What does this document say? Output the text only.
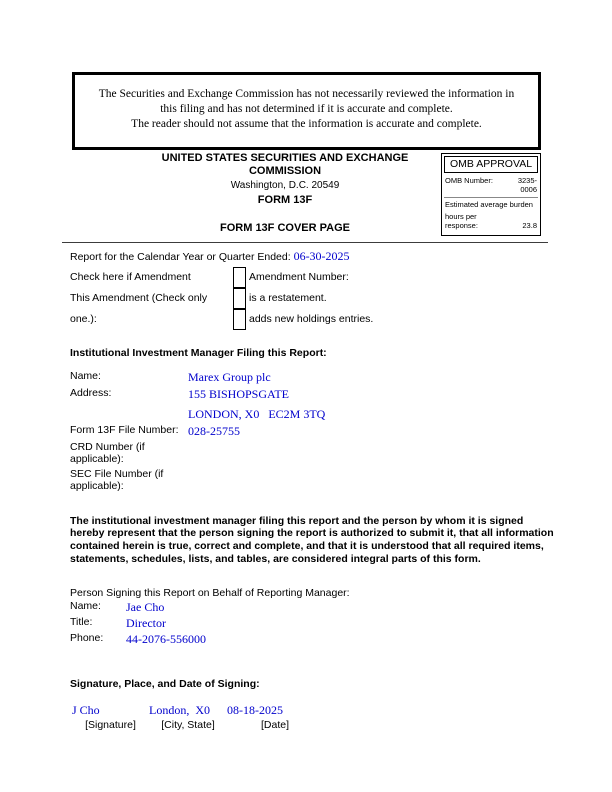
The Securities and Exchange Commission has not necessarily reviewed the information in
this filing and has not determined if it is accurate and complete.
The reader should not assume that the information is accurate and complete.
UNITED STATES SECURITIES AND EXCHANGE COMMISSION
Washington, D.C. 20549
FORM 13F
FORM 13F COVER PAGE
OMB APPROVAL
OMB Number:	3235-0006
Estimated average burden
hours per response:	23.8
Report for the Calendar Year or Quarter Ended: 06-30-2025
Check here if Amendment	Amendment Number:
This Amendment (Check only one.):
is a restatement.
adds new holdings entries.
Institutional Investment Manager Filing this Report:
Name:	Marex Group plc
Address:	155 BISHOPSGATE
LONDON, X0   EC2M 3TQ
Form 13F File Number: 028-25755
CRD Number (if applicable):
SEC File Number (if applicable):
The institutional investment manager filing this report and the person by whom it is signed hereby represent that the person signing the report is authorized to submit it, that all information contained herein is true, correct and complete, and that it is understood that all required items, statements, schedules, lists, and tables, are considered integral parts of this form.
Person Signing this Report on Behalf of Reporting Manager:
Name:	Jae Cho
Title:	Director
Phone:	44-2076-556000
Signature, Place, and Date of Signing:
J Cho
[Signature]
London,  X0
[City, State]
08-18-2025
[Date]
